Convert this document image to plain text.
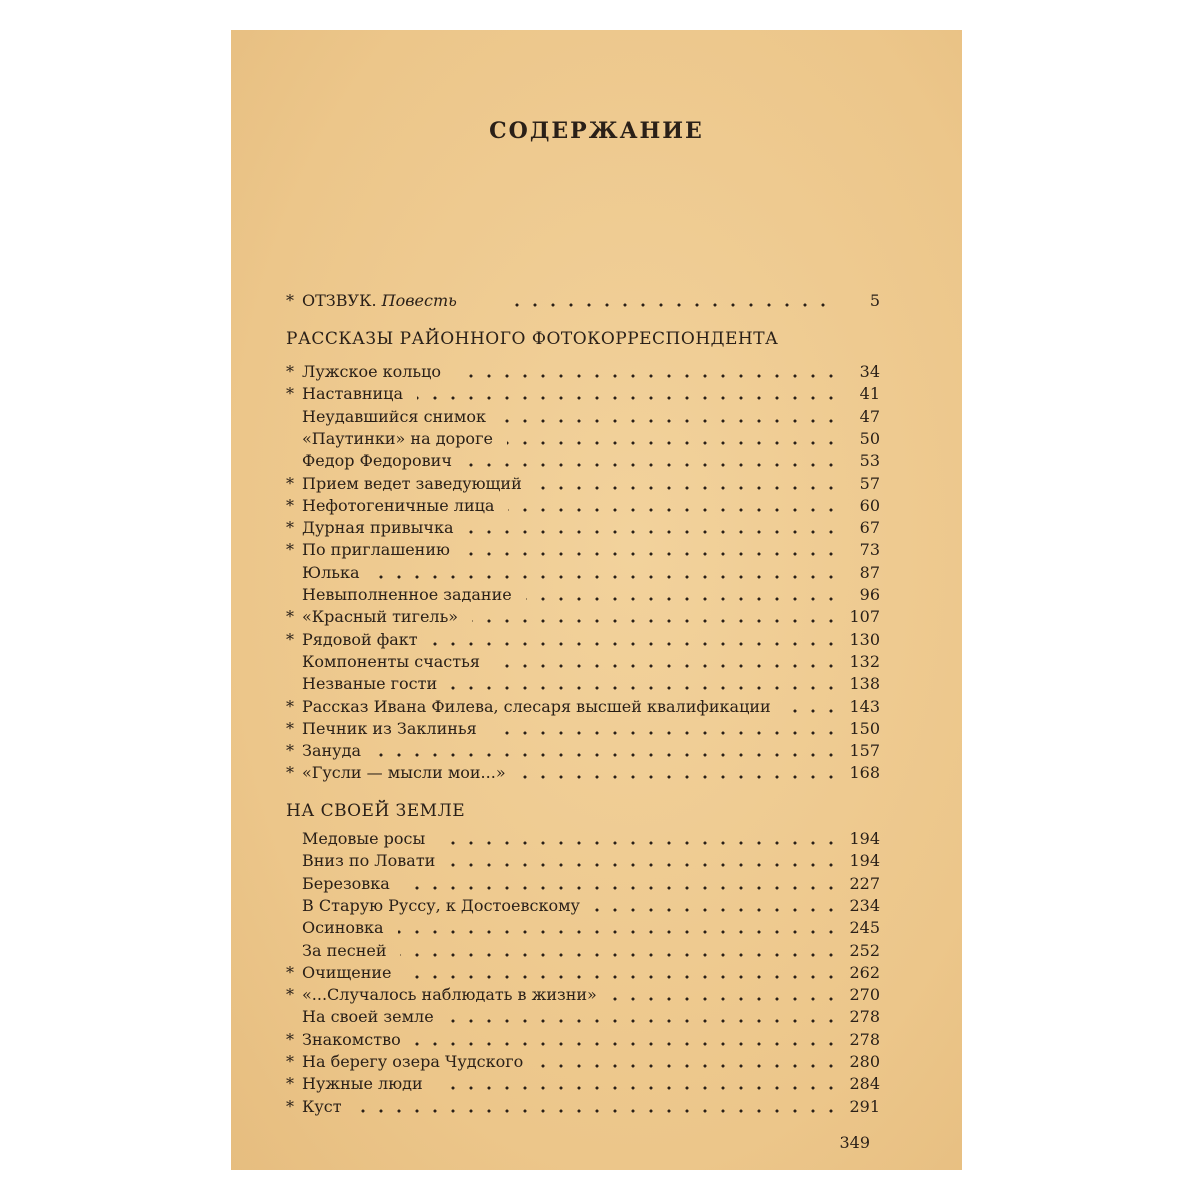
СОДЕРЖАНИЕ
* ОТЗВУК. Повесть	5
РАССКАЗЫ РАЙОННОГО ФОТОКОРРЕСПОНДЕНТА
* Лужское кольцо	34
* Наставница	41
Неудавшийся снимок	47
«Паутинки» на дороге	50
Федор Федорович	53
* Прием ведет заведующий	57
* Нефотогеничные лица	60
* Дурная привычка	67
* По приглашению	73
Юлька	87
Невыполненное задание	96
* «Красный тигель»	107
* Рядовой факт	130
Компоненты счастья	132
Незваные гости	138
* Рассказ Ивана Филева, слесаря высшей квалификации	143
* Печник из Заклинья	150
* Зануда	157
* «Гусли — мысли мои...»	168
НА СВОЕЙ ЗЕМЛЕ
Медовые росы	194
Вниз по Ловати	194
Березовка	227
В Старую Руссу, к Достоевскому	234
Осиновка	245
За песней	252
* Очищение	262
* «...Случалось наблюдать в жизни»	270
На своей земле	278
* Знакомство	278
* На берегу озера Чудского	280
* Нужные люди	284
* Куст	291
349
